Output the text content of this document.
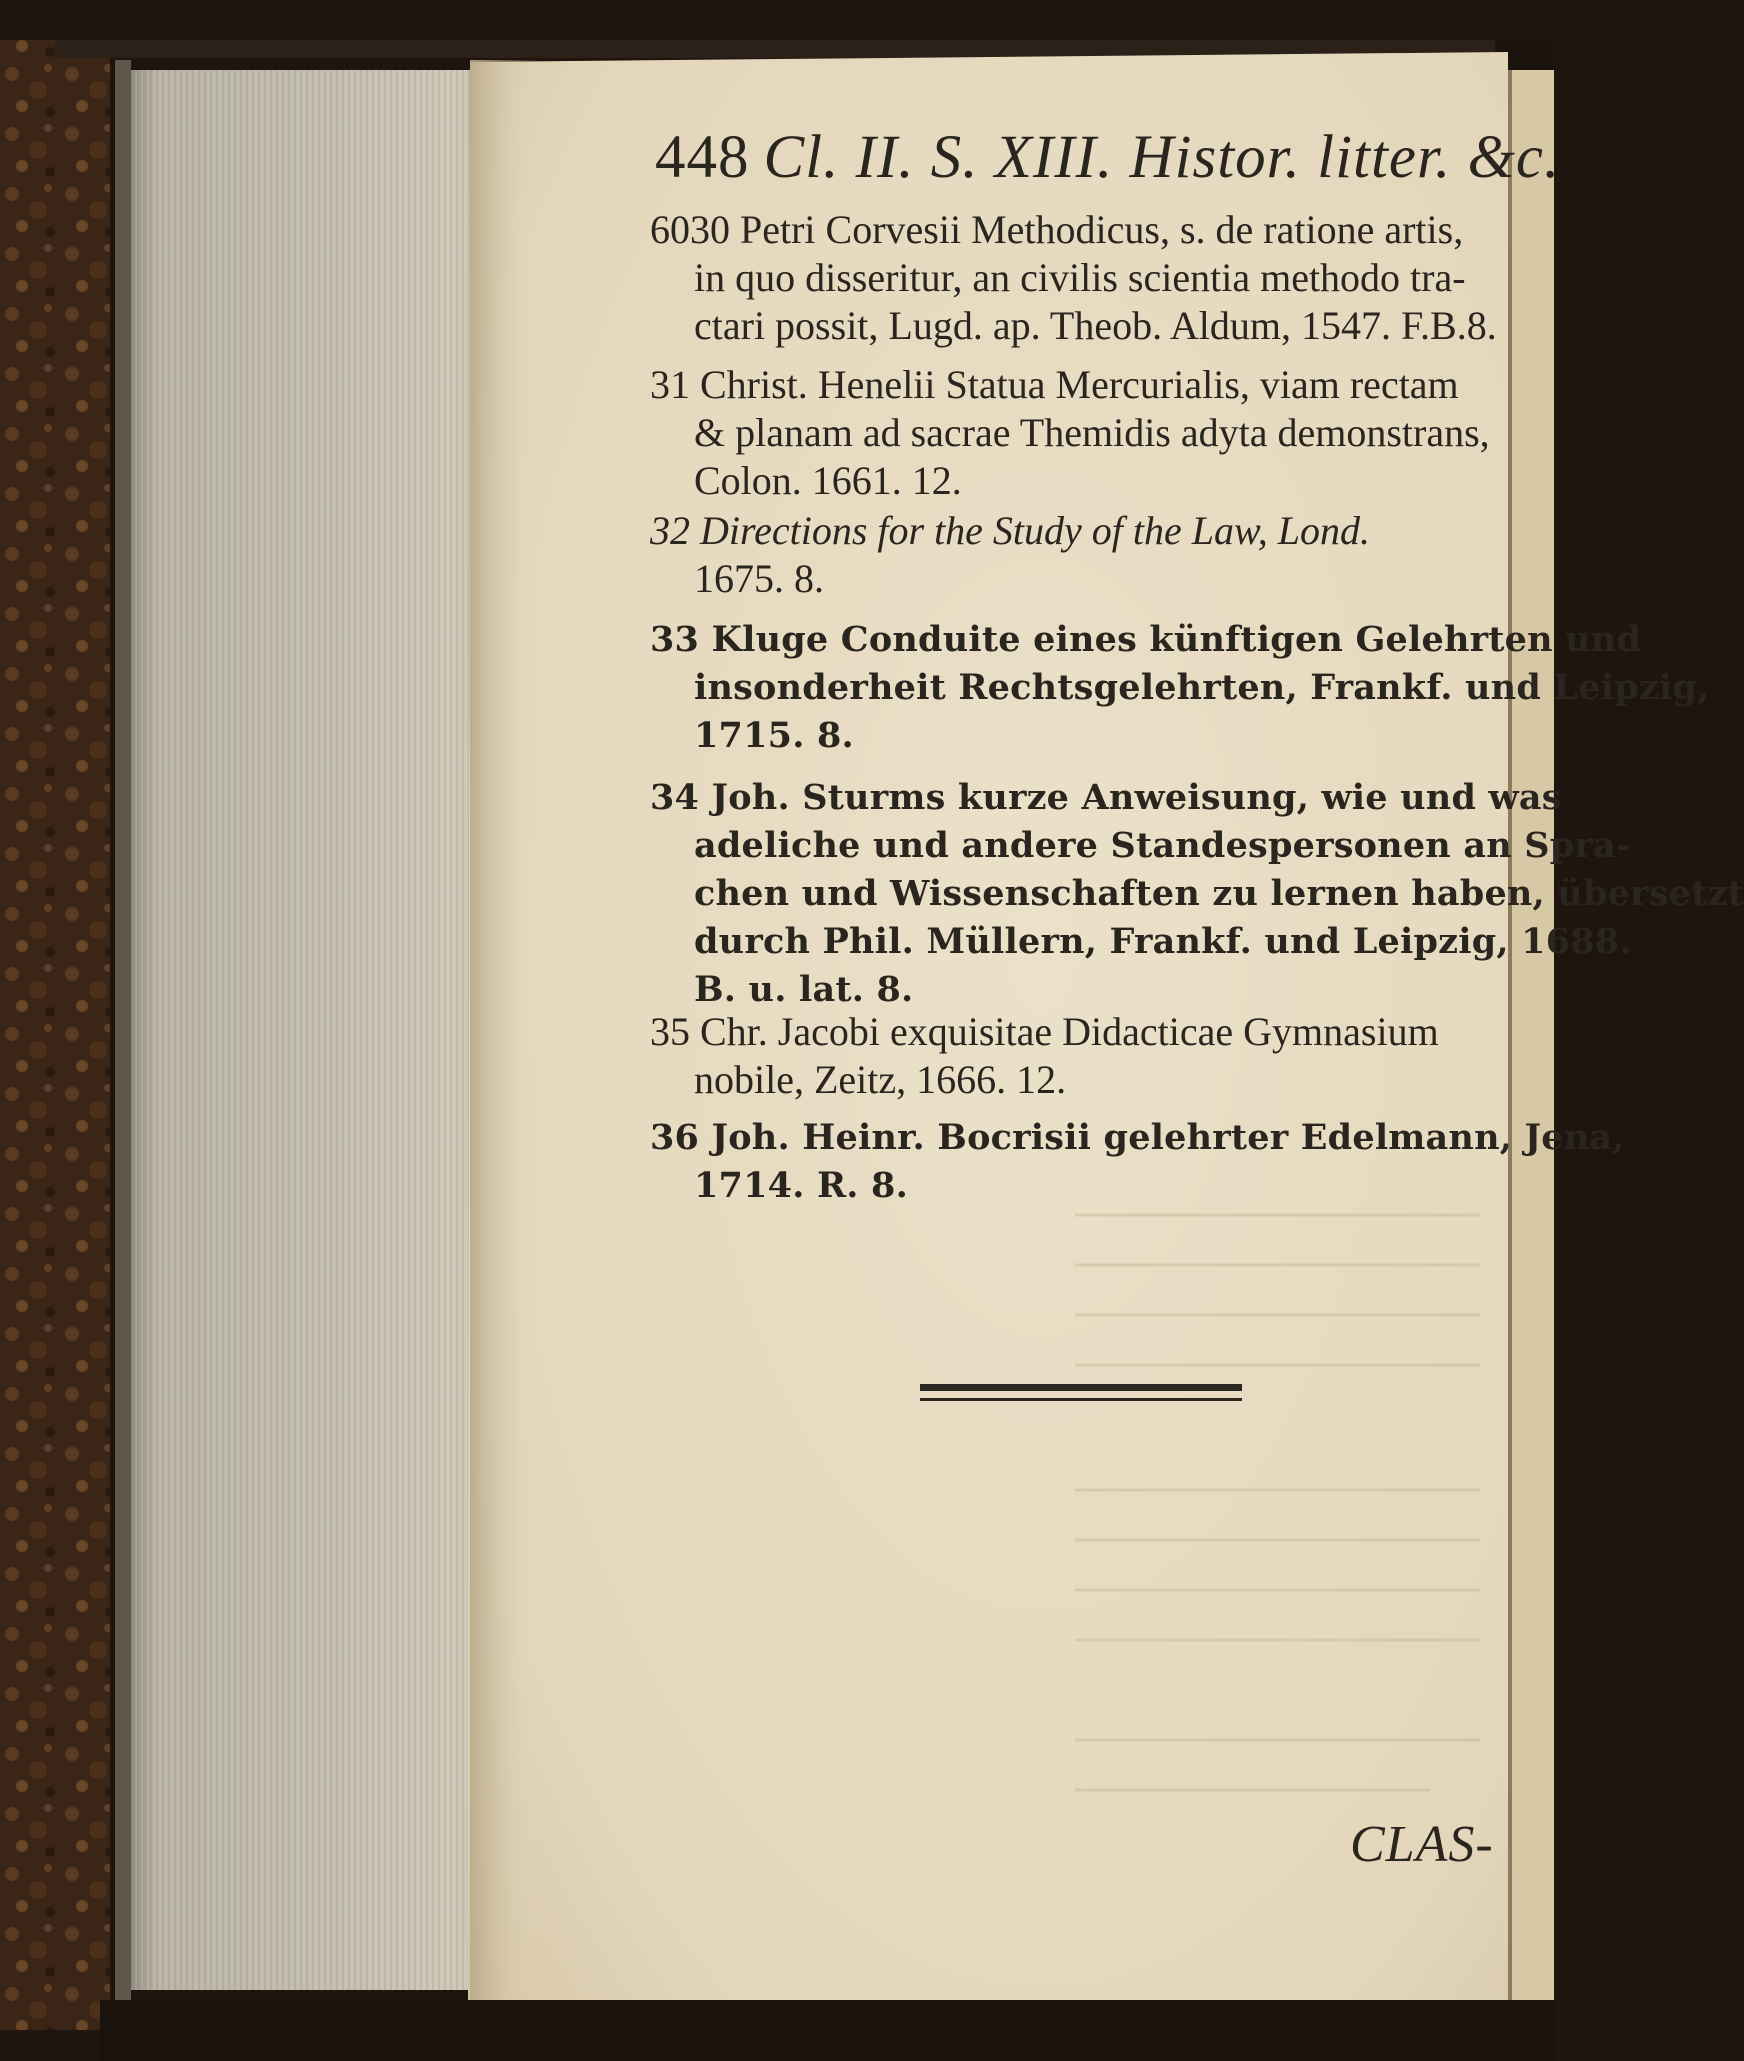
448 Cl. II. S. XIII. Histor. litter. &c.
6030 Petri Corvesii Methodicus, s. de ratione artis,
in quo disseritur, an civilis scientia methodo tra-
ctari possit, Lugd. ap. Theob. Aldum, 1547. F.B.8.
31 Christ. Henelii Statua Mercurialis, viam rectam
& planam ad sacrae Themidis adyta demonstrans,
Colon. 1661. 12.
32 Directions for the Study of the Law, Lond.
1675. 8.
33 Kluge Conduite eines künftigen Gelehrten und
insonderheit Rechtsgelehrten, Frankf. und Leipzig,
1715. 8.
34 Joh. Sturms kurze Anweisung, wie und was
adeliche und andere Standespersonen an Spra-
chen und Wissenschaften zu lernen haben, übersetzt
durch Phil. Müllern, Frankf. und Leipzig, 1688.
B. u. lat. 8.
35 Chr. Jacobi exquisitae Didacticae Gymnasium
nobile, Zeitz, 1666. 12.
36 Joh. Heinr. Bocrisii gelehrter Edelmann, Jena,
1714. R. 8.
CLAS-
